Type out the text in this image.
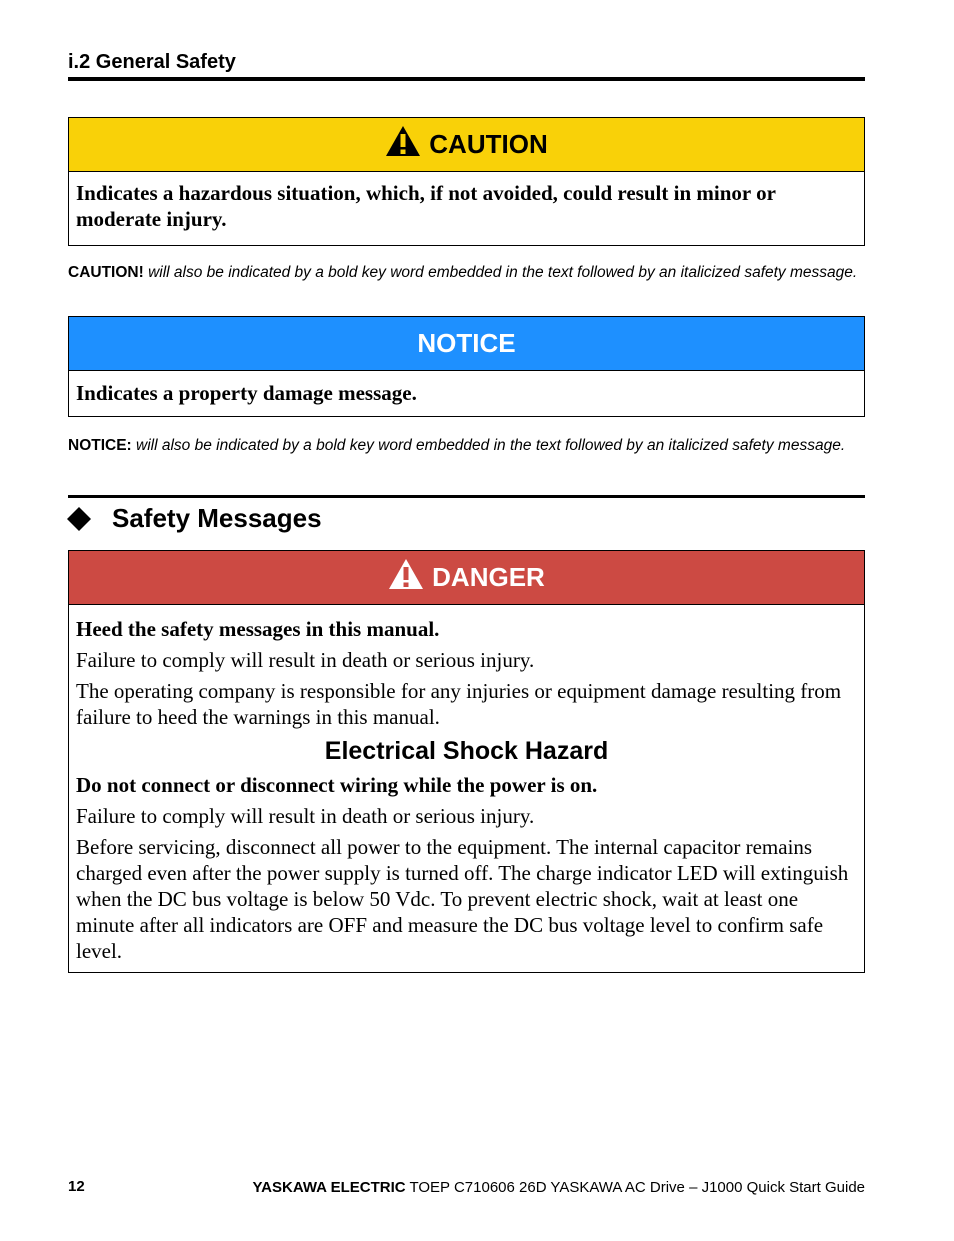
i.2 General Safety
CAUTION

Indicates a hazardous situation, which, if not avoided, could result in minor or moderate injury.

CAUTION! will also be indicated by a bold key word embedded in the text followed by an italicized safety message.
NOTICE

Indicates a property damage message.

NOTICE: will also be indicated by a bold key word embedded in the text followed by an italicized safety message.
Safety Messages
DANGER

Heed the safety messages in this manual.

Failure to comply will result in death or serious injury.

The operating company is responsible for any injuries or equipment damage resulting from failure to heed the warnings in this manual.

Electrical Shock Hazard

Do not connect or disconnect wiring while the power is on.

Failure to comply will result in death or serious injury.

Before servicing, disconnect all power to the equipment. The internal capacitor remains charged even after the power supply is turned off. The charge indicator LED will extinguish when the DC bus voltage is below 50 Vdc. To prevent electric shock, wait at least one minute after all indicators are OFF and measure the DC bus voltage level to confirm safe level.

12	YASKAWA ELECTRIC TOEP C710606 26D YASKAWA AC Drive – J1000 Quick Start Guide
